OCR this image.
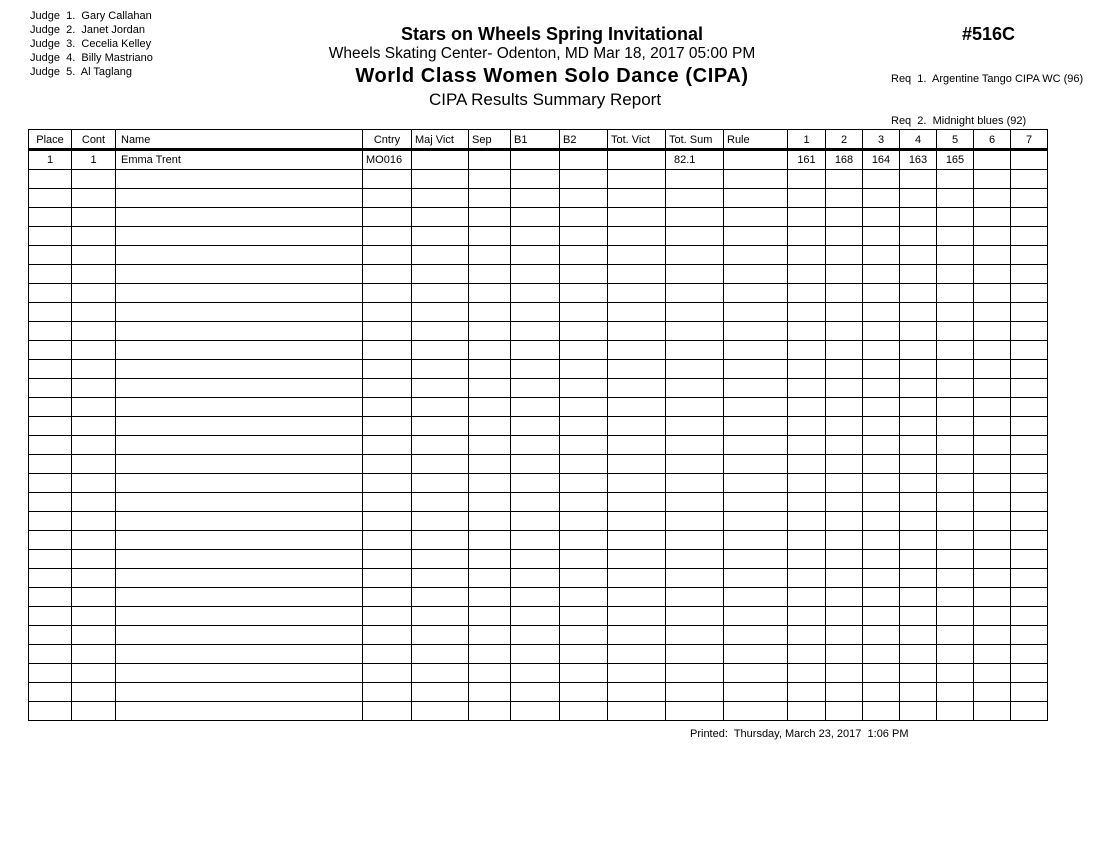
Judge  1. Gary Callahan
Judge  2. Janet Jordan
Judge  3. Cecelia Kelley
Judge  4. Billy Mastriano
Judge  5. Al Taglang
Stars on Wheels Spring Invitational
Wheels Skating Center- Odenton, MD Mar 18, 2017 05:00 PM
World Class Women Solo Dance (CIPA)
CIPA Results Summary Report
#516C

Req  1. Argentine Tango CIPA WC (96)

Req  2. Midnight blues (92)

Place	Cont	Name	Cntry	Maj Vict	Sep	B1	B2	Tot. Vict	Tot. Sum	Rule	1	2	3	4	5	6	7
1	1	Emma Trent	MO016						82.1		161	168	164	163	165		

Printed:  Thursday, March 23, 2017  1:06 PM
